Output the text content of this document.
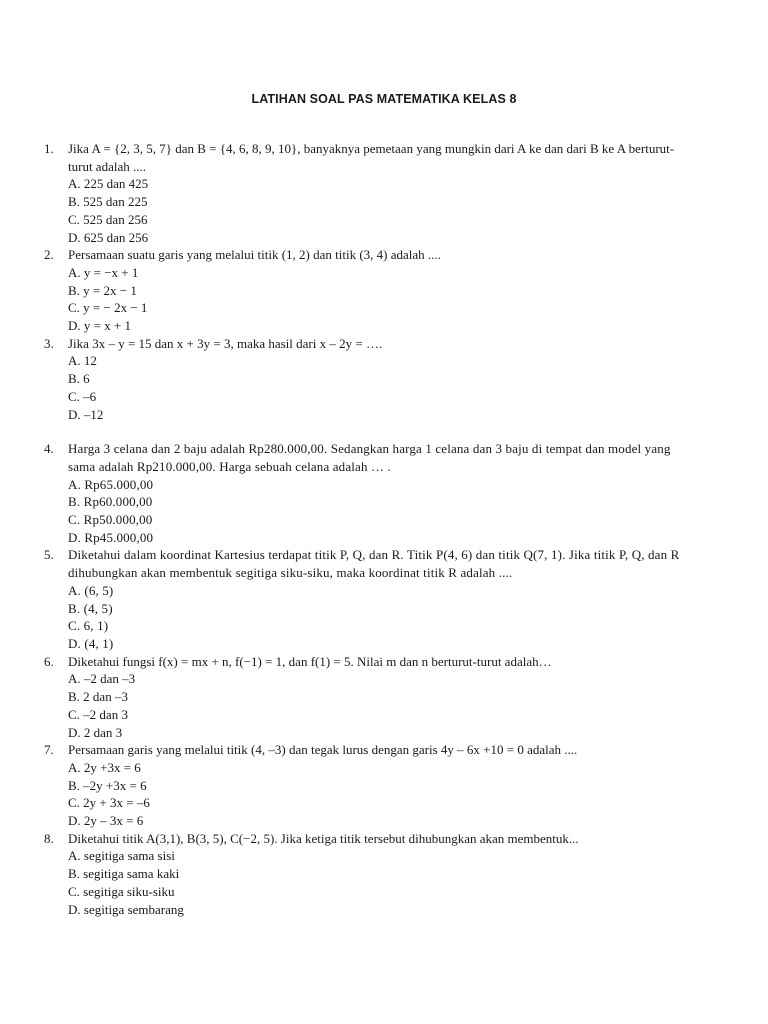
LATIHAN SOAL PAS MATEMATIKA KELAS 8
1.	Jika A = {2, 3, 5, 7} dan B = {4, 6, 8, 9, 10}, banyaknya pemetaan yang mungkin dari A ke dan dari B ke A berturut-turut adalah ....
A. 225 dan 425
B. 525 dan 225
C. 525 dan 256
D. 625 dan 256
2.	Persamaan suatu garis yang melalui titik (1, 2) dan titik (3, 4) adalah ....
A. y = −x + 1
B. y = 2x − 1
C. y = − 2x − 1
D. y = x + 1
3.	Jika 3x – y = 15 dan x + 3y = 3, maka hasil dari x – 2y = ….
A. 12
B. 6
C. –6
D. –12
4.	Harga 3 celana dan 2 baju adalah Rp280.000,00. Sedangkan harga 1 celana dan 3 baju di tempat dan model yang sama adalah Rp210.000,00. Harga sebuah celana adalah … .
A. Rp65.000,00
B. Rp60.000,00
C. Rp50.000,00
D. Rp45.000,00
5.	Diketahui dalam koordinat Kartesius terdapat titik P, Q, dan R. Titik P(4, 6) dan titik Q(7, 1). Jika titik P, Q, dan R dihubungkan akan membentuk segitiga siku-siku, maka koordinat titik R adalah ....
A. (6, 5)
B. (4, 5)
C. 6, 1)
D. (4, 1)
6.	Diketahui fungsi f(x) = mx + n, f(−1) = 1, dan f(1) = 5. Nilai m dan n berturut-turut adalah…
A. –2 dan –3
B. 2 dan –3
C. –2 dan 3
D. 2 dan 3
7.	Persamaan garis yang melalui titik (4, –3) dan tegak lurus dengan garis 4y – 6x +10 = 0 adalah ....
A. 2y +3x = 6
B. –2y +3x = 6
C. 2y + 3x = –6
D. 2y – 3x = 6
8.	Diketahui titik A(3,1), B(3, 5), C(−2, 5). Jika ketiga titik tersebut dihubungkan akan membentuk...
A. segitiga sama sisi
B. segitiga sama kaki
C. segitiga siku-siku
D. segitiga sembarang
